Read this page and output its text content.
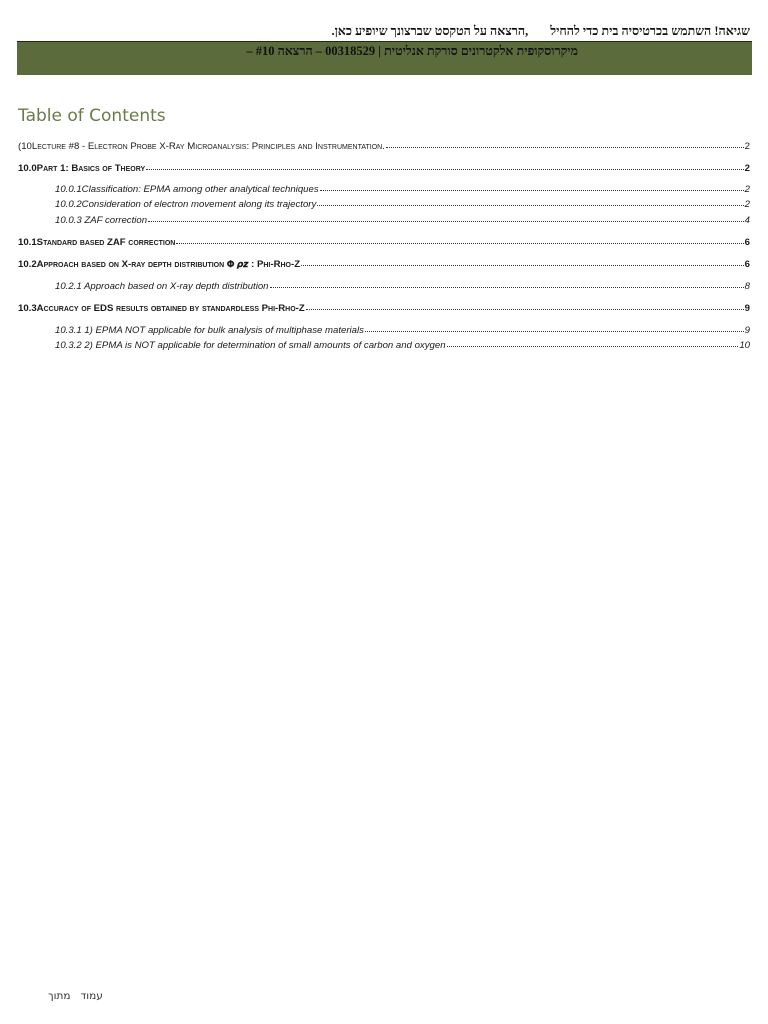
שגיאה! השתמש בכרטיסיה בית כדי להחיל,הרצאה על הטקסט שברצונך שיופיע כאן.
מיקרוסקופית אלקטרונים סורקת אנליטית | 00318529 – הרצאה #10 –
Table of Contents
(10Lecture #8 - Electron Probe X-Ray Microanalysis: Principles and Instrumentation.	2
10.0Part 1: Basics of Theory	2
10.0.1Classification: EPMA among other analytical techniques	2
10.0.2Consideration of electron movement along its trajectory	2
10.0.3 ZAF correction	4
10.1Standard based ZAF correction	6
10.2Approach based on X-ray depth distribution 𝚽 𝝆𝒛 : Phi-Rho-Z	6
10.2.1 Approach based on X-ray depth distribution	8
10.3Accuracy of EDS results obtained by standardless Phi-Rho-Z	9
10.3.1 1) EPMA NOT applicable for bulk analysis of multiphase materials	9
10.3.2 2) EPMA is NOT applicable for determination of small amounts of carbon and oxygen	10
עמודמתוך
